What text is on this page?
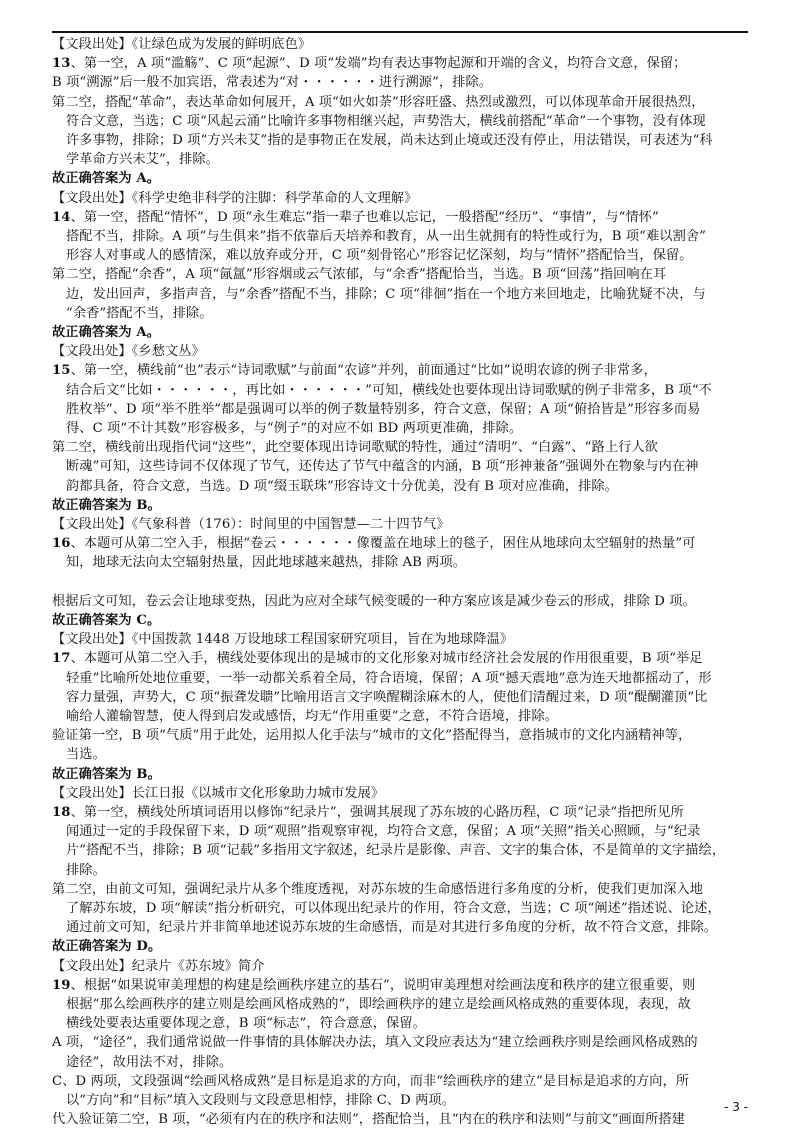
【文段出处】《让绿色成为发展的鲜明底色》
13、第一空，A 项“滥觞”、C 项“起源”、D 项“发端”均有表达事物起源和开端的含义，均符合文意，保留；
B 项“溯源”后一般不加宾语，常表述为“对・・・・・・进行溯源”，排除。
第二空，搭配“革命”，表达革命如何展开，A 项“如火如荼”形容旺盛、热烈或激烈，可以体现革命开展很热烈，
符合文意，当选；C 项“风起云涌”比喻许多事物相继兴起，声势浩大，横线前搭配“革命”一个事物，没有体现
许多事物，排除；D 项“方兴未艾”指的是事物正在发展，尚未达到止境或还没有停止，用法错误，可表述为“科
学革命方兴未艾”，排除。
故正确答案为 A。
【文段出处】《科学史绝非科学的注脚：科学革命的人文理解》
14、第一空，搭配“情怀”，D 项“永生难忘”指一辈子也难以忘记，一般搭配“经历”、“事情”，与“情怀”
搭配不当，排除。A 项“与生俱来”指不依靠后天培养和教育，从一出生就拥有的特性或行为，B 项“难以割舍”
形容人对事或人的感情深，难以放弃或分开，C 项“刻骨铭心”形容记忆深刻，均与“情怀”搭配恰当，保留。
第二空，搭配“余香”，A 项“氤氲”形容烟或云气浓郁，与“余香”搭配恰当，当选。B 项“回荡”指回响在耳
边，发出回声，多指声音，与“余香”搭配不当，排除；C 项“徘徊”指在一个地方来回地走，比喻犹疑不决，与
“余香”搭配不当，排除。
故正确答案为 A。
【文段出处】《乡愁文丛》
15、第一空，横线前“也”表示“诗词歌赋”与前面“农谚”并列，前面通过“比如”说明农谚的例子非常多，
结合后文“比如・・・・・・，再比如・・・・・・”可知，横线处也要体现出诗词歌赋的例子非常多，B 项“不
胜枚举”、D 项“举不胜举”都是强调可以举的例子数量特别多，符合文意，保留；A 项“俯拾皆是”形容多而易
得、C 项“不计其数”形容极多，与“例子”的对应不如 BD 两项更准确，排除。
第二空，横线前出现指代词“这些”，此空要体现出诗词歌赋的特性，通过“清明”、“白露”、“路上行人欲
断魂”可知，这些诗词不仅体现了节气，还传达了节气中蕴含的内涵，B 项“形神兼备”强调外在物象与内在神
韵都具备，符合文意，当选。D 项“缀玉联珠”形容诗文十分优美，没有 B 项对应准确，排除。
故正确答案为 B。
【文段出处】《气象科普（176）：时间里的中国智慧—二十四节气》
16、本题可从第二空入手，根据“卷云・・・・・・像覆盖在地球上的毯子，困住从地球向太空辐射的热量”可
知，地球无法向太空辐射热量，因此地球越来越热，排除 AB 两项。
根据后文可知，卷云会让地球变热，因此为应对全球气候变暖的一种方案应该是减少卷云的形成，排除 D 项。
故正确答案为 C。
【文段出处】《中国拨款 1448 万设地球工程国家研究项目，旨在为地球降温》
17、本题可从第二空入手，横线处要体现出的是城市的文化形象对城市经济社会发展的作用很重要，B 项“举足
轻重”比喻所处地位重要，一举一动都关系着全局，符合语境，保留；A 项“撼天震地”意为连天地都摇动了，形
容力量强，声势大，C 项“振聋发聩”比喻用语言文字唤醒糊涂麻木的人，使他们清醒过来，D 项“醍醐灌顶”比
喻给人灌输智慧，使人得到启发或感悟，均无“作用重要”之意，不符合语境，排除。
验证第一空，B 项“气质”用于此处，运用拟人化手法与“城市的文化”搭配得当，意指城市的文化内涵精神等，
当选。
故正确答案为 B。
【文段出处】长江日报《以城市文化形象助力城市发展》
18、第一空，横线处所填词语用以修饰“纪录片”，强调其展现了苏东坡的心路历程，C 项“记录”指把所见所
闻通过一定的手段保留下来，D 项“观照”指观察审视，均符合文意，保留；A 项“关照”指关心照顾，与“纪录
片”搭配不当，排除；B 项“记载”多指用文字叙述，纪录片是影像、声音、文字的集合体，不是简单的文字描绘，
排除。
第二空，由前文可知，强调纪录片从多个维度透视，对苏东坡的生命感悟进行多角度的分析，使我们更加深入地
了解苏东坡，D 项“解读”指分析研究，可以体现出纪录片的作用，符合文意，当选；C 项“阐述”指述说、论述，
通过前文可知，纪录片并非简单地述说苏东坡的生命感悟，而是对其进行多角度的分析，故不符合文意，排除。
故正确答案为 D。
【文段出处】纪录片《苏东坡》简介
19、根据“如果说审美理想的构建是绘画秩序建立的基石”，说明审美理想对绘画法度和秩序的建立很重要，则
根据“那么绘画秩序的建立则是绘画风格成熟的”，即绘画秩序的建立是绘画风格成熟的重要体现，表现，故
横线处要表达重要体现之意，B 项“标志”，符合意意，保留。
A 项，“途径”，我们通常说做一件事情的具体解决办法，填入文段应表达为“建立绘画秩序则是绘画风格成熟的
途径”，故用法不对，排除。
C、D 两项，文段强调“绘画风格成熟”是目标是追求的方向，而非“绘画秩序的建立”是目标是追求的方向，所
以“方向”和“目标”填入文段则与文段意思相悖，排除 C、D 两项。
代入验证第二空，B 项，“必须有内在的秩序和法则”，搭配恰当，且“内在的秩序和法则”与前文“画面所搭建
- 3 -
